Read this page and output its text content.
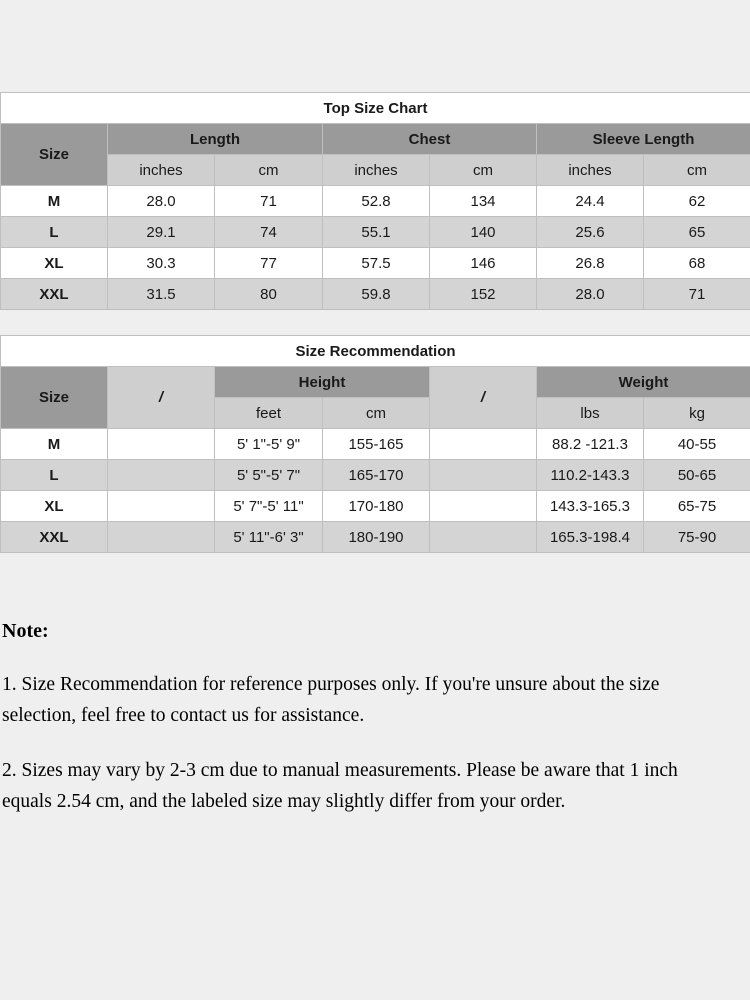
Top Size Chart						
Size	Length		Chest		Sleeve Length	
	inches	cm	inches	cm	inches	cm
M	28.0	71	52.8	134	24.4	62
L	29.1	74	55.1	140	25.6	65
XL	30.3	77	57.5	146	26.8	68
XXL	31.5	80	59.8	152	28.0	71
Size Recommendation						
Size	/	Height		/	Weight	
		feet	cm		lbs	kg
M		5' 1"-5' 9"	155-165		88.2 -121.3	40-55
L		5' 5"-5' 7"	165-170		110.2-143.3	50-65
XL		5' 7"-5' 11"	170-180		143.3-165.3	65-75
XXL		5' 11"-6' 3"	180-190		165.3-198.4	75-90
Note:

1. Size Recommendation for reference purposes only. If you're unsure about the size selection, feel free to contact us for assistance.

2. Sizes may vary by 2-3 cm due to manual measurements. Please be aware that 1 inch equals 2.54 cm, and the labeled size may slightly differ from your order.
